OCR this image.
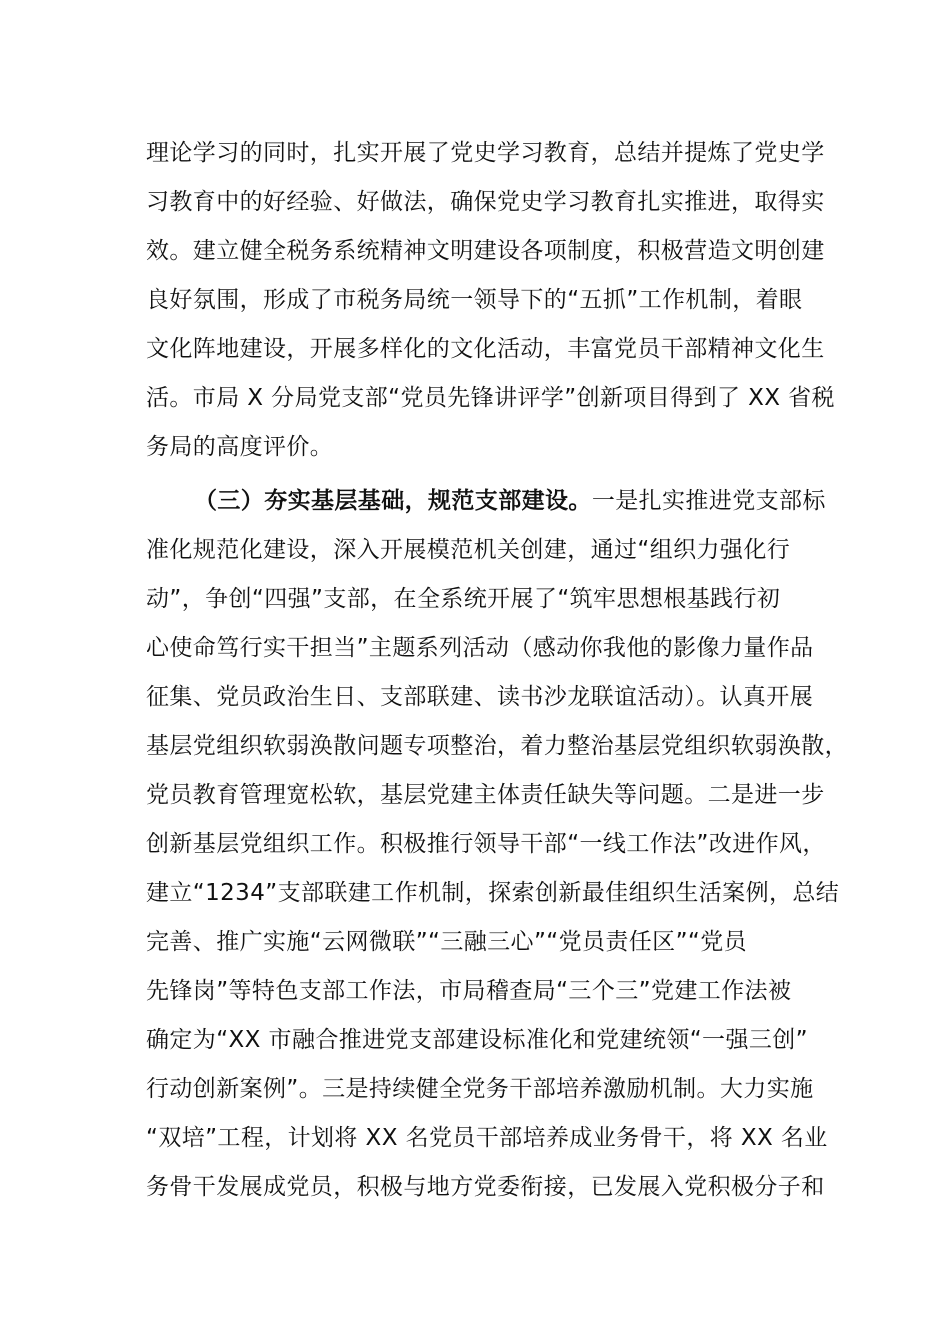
理论学习的同时，扎实开展了党史学习教育，总结并提炼了党史学
习教育中的好经验、好做法，确保党史学习教育扎实推进，取得实
效。建立健全税务系统精神文明建设各项制度，积极营造文明创建
良好氛围，形成了市税务局统一领导下的“五抓”工作机制，着眼
文化阵地建设，开展多样化的文化活动，丰富党员干部精神文化生
活。市局 X 分局党支部“党员先锋讲评学”创新项目得到了 XX 省税
务局的高度评价。
（三）夯实基层基础，规范支部建设。一是扎实推进党支部标
准化规范化建设，深入开展模范机关创建，通过“组织力强化行
动”，争创“四强”支部，在全系统开展了“筑牢思想根基践行初
心使命笃行实干担当”主题系列活动（感动你我他的影像力量作品
征集、党员政治生日、支部联建、读书沙龙联谊活动）。认真开展
基层党组织软弱涣散问题专项整治，着力整治基层党组织软弱涣散，
党员教育管理宽松软，基层党建主体责任缺失等问题。二是进一步
创新基层党组织工作。积极推行领导干部“一线工作法”改进作风，
建立“1234”支部联建工作机制，探索创新最佳组织生活案例，总结
完善、推广实施“云网微联”“三融三心”“党员责任区”“党员
先锋岗”等特色支部工作法，市局稽查局“三个三”党建工作法被
确定为“XX 市融合推进党支部建设标准化和党建统领“一强三创”
行动创新案例”。三是持续健全党务干部培养激励机制。大力实施
“双培”工程，计划将 XX 名党员干部培养成业务骨干，将 XX 名业
务骨干发展成党员，积极与地方党委衔接，已发展入党积极分子和
